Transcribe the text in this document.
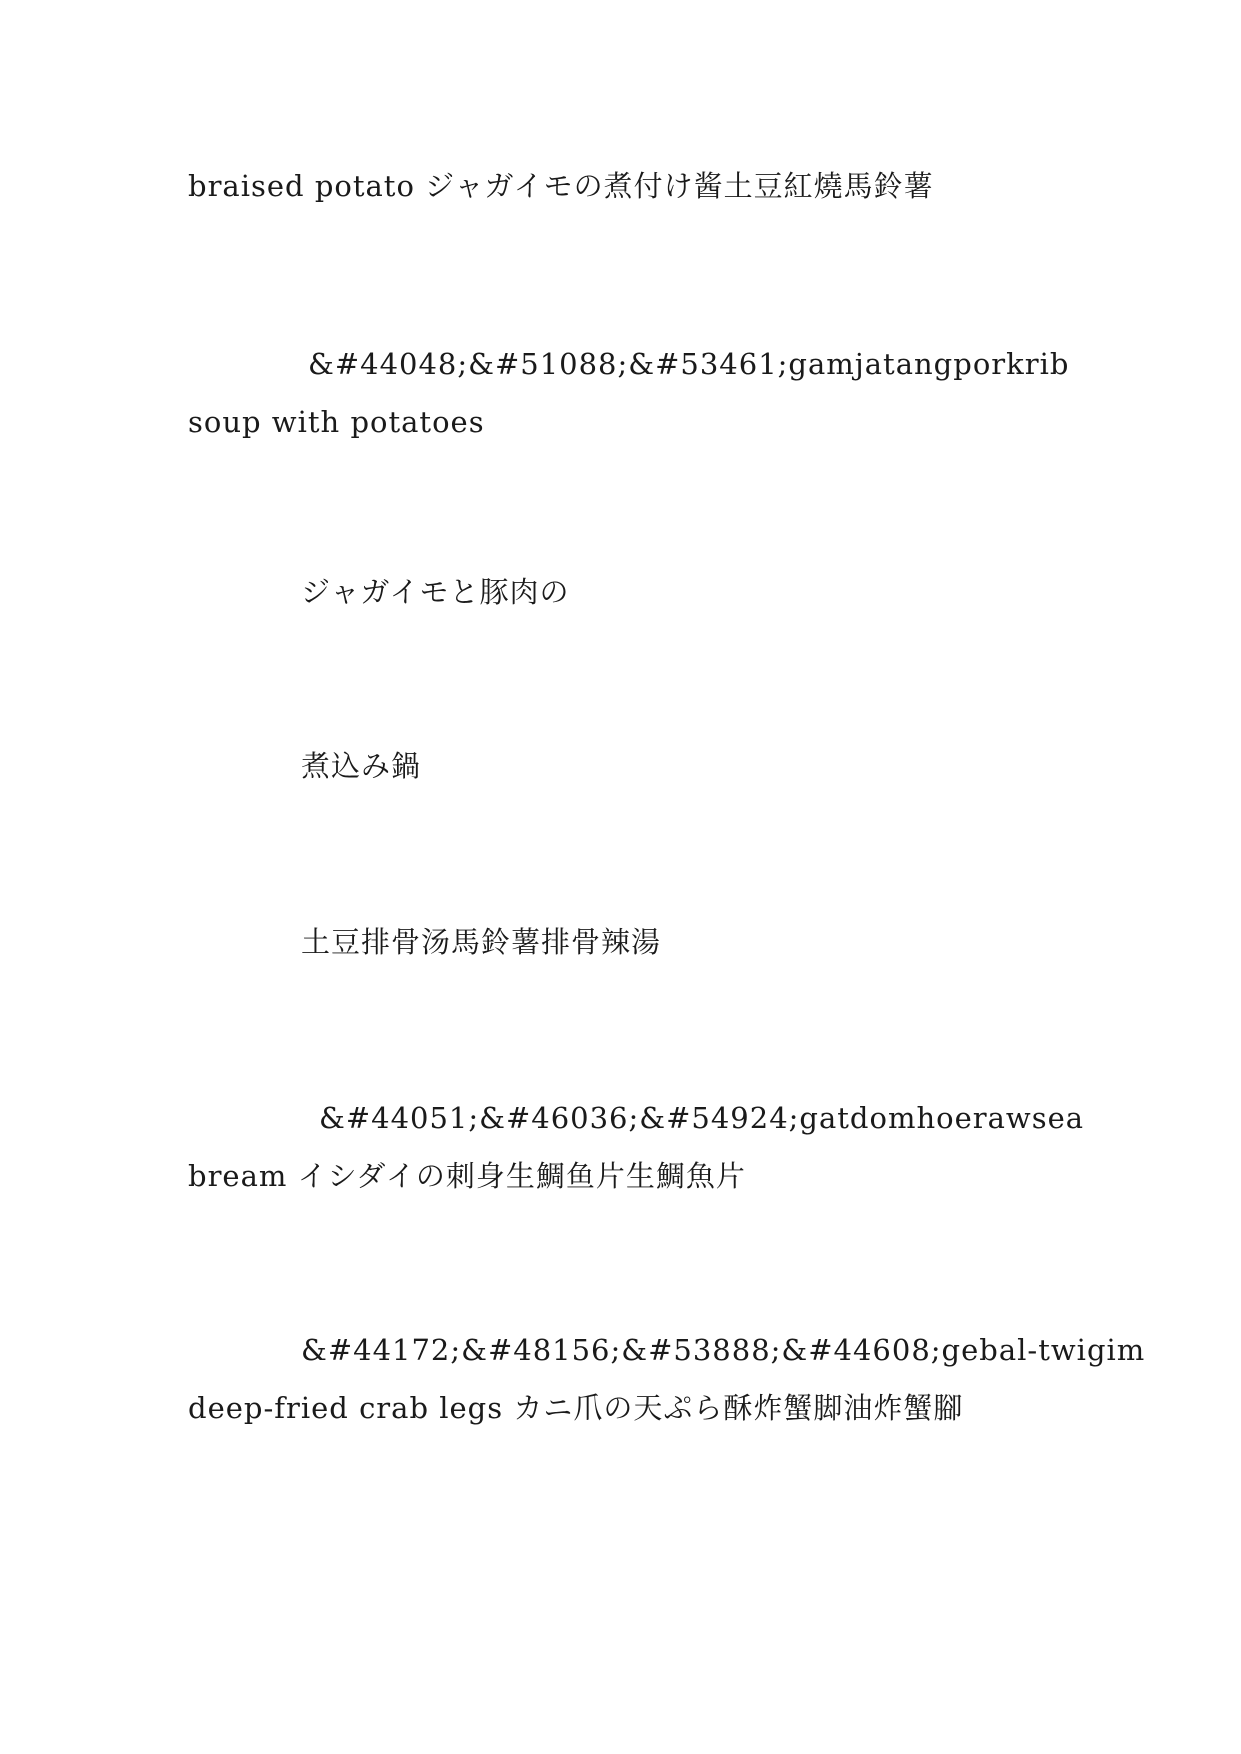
braised potato ジャガイモの煮付け酱土豆紅燒馬鈴薯
&#44048;&#51088;&#53461; gamjatang pork rib
soup with potatoes
ジャガイモと豚肉の
煮込み鍋
土豆排骨汤馬鈴薯排骨辣湯
&#44051;&#46036;&#54924; gatdomhoe raw sea
bream イシダイの刺身生鯛鱼片生鯛魚片
&#44172;&#48156;&#53888;&#44608; gebal-twigim
deep-fried crab legs カニ爪の天ぷら酥炸蟹脚油炸蟹腳
